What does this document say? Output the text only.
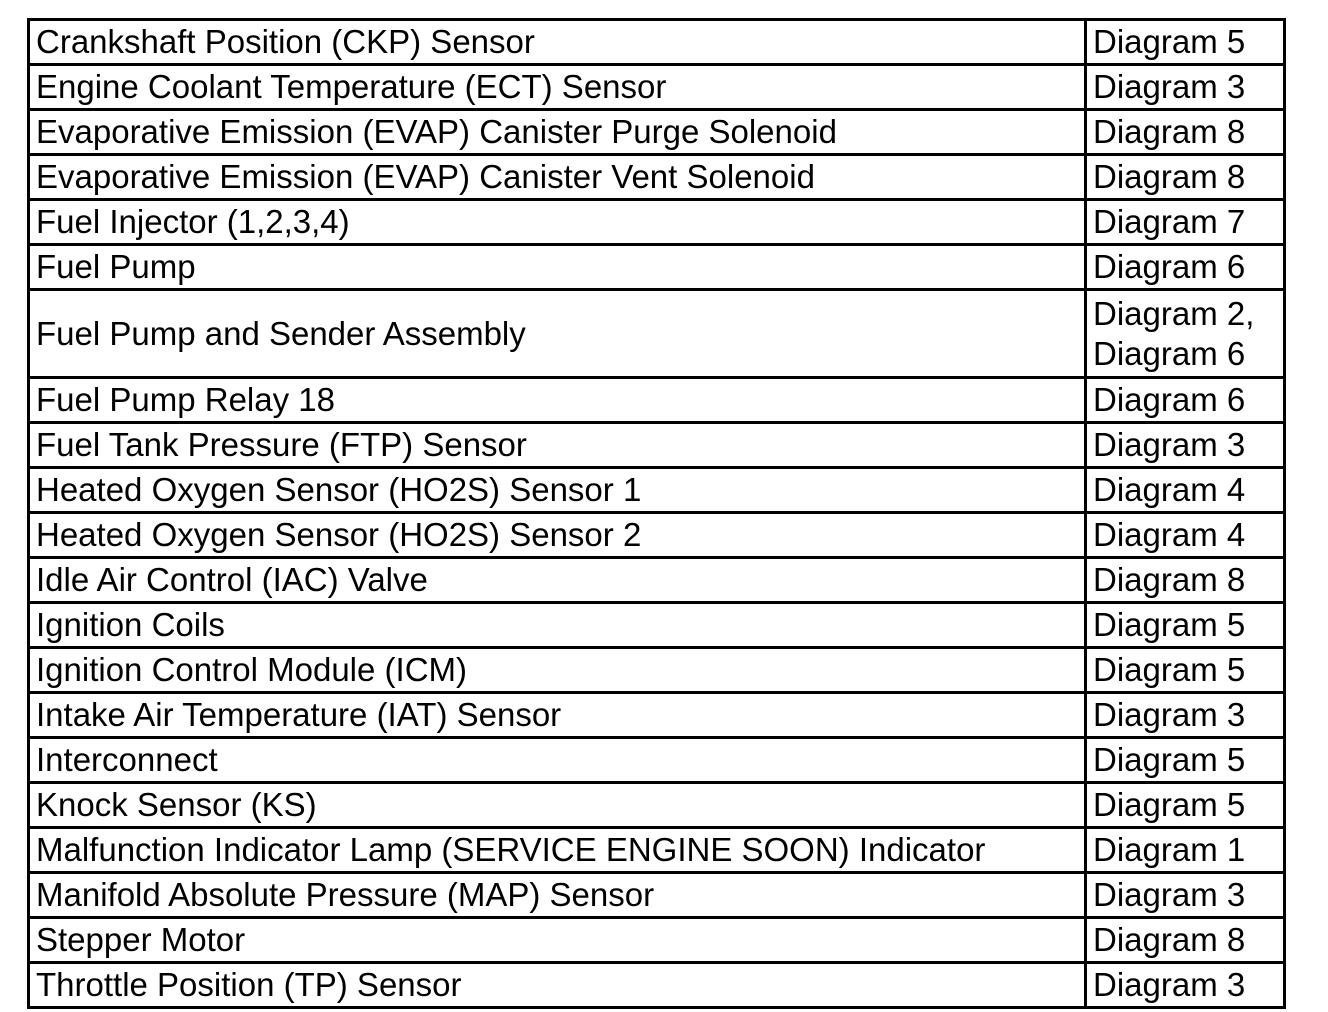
Crankshaft Position (CKP) Sensor	Diagram 5

Engine Coolant Temperature (ECT) Sensor	Diagram 3

Evaporative Emission (EVAP) Canister Purge Solenoid	Diagram 8

Evaporative Emission (EVAP) Canister Vent Solenoid	Diagram 8

Fuel Injector (1,2,3,4)	Diagram 7

Fuel Pump	Diagram 6

Fuel Pump and Sender Assembly	Diagram 2,
Diagram 6

Fuel Pump Relay 18	Diagram 6

Fuel Tank Pressure (FTP) Sensor	Diagram 3

Heated Oxygen Sensor (HO2S) Sensor 1	Diagram 4

Heated Oxygen Sensor (HO2S) Sensor 2	Diagram 4

Idle Air Control (IAC) Valve	Diagram 8

Ignition Coils	Diagram 5

Ignition Control Module (ICM)	Diagram 5

Intake Air Temperature (IAT) Sensor	Diagram 3

Interconnect	Diagram 5

Knock Sensor (KS)	Diagram 5

Malfunction Indicator Lamp (SERVICE ENGINE SOON) Indicator	Diagram 1

Manifold Absolute Pressure (MAP) Sensor	Diagram 3

Stepper Motor	Diagram 8

Throttle Position (TP) Sensor	Diagram 3
